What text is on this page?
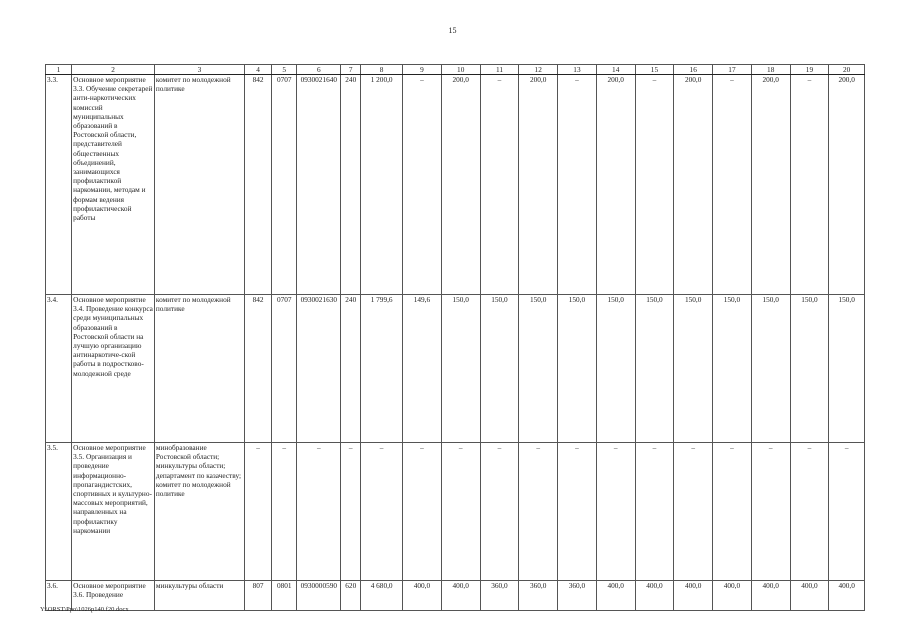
15
1	2	3	4	5	6	7	8	9	10	11	12	13	14	15	16	17	18	19	20
3.3.	Основное мероприятие 3.3. Обучение секретарей анти-наркотических комиссий муниципальных образований в Ростовской области, представителей общественных объединений, занимающихся профилактикой наркомании, методам и формам ведения профилактической работы	комитет по молодежной политике	842	0707	0930021640	240	1 200,0	–	200,0	–	200,0	–	200,0	–	200,0	–	200,0	–	200,0
3.4.	Основное мероприятие 3.4. Проведение конкурса среди муниципальных образований в Ростовской области на лучшую организацию антинаркотиче-ской работы в подростково-молодежной среде	комитет по молодежной политике	842	0707	0930021630	240	1 799,6	149,6	150,0	150,0	150,0	150,0	150,0	150,0	150,0	150,0	150,0	150,0	150,0
3.5.	Основное мероприятие 3.5. Организация и проведение информационно-пропагандистских, спортивных и культурно-массовых мероприятий, направленных на профилактику наркомании	минобразование Ростовской области; минкультуры области; департамент по казачеству; комитет по молодежной политике	–	–	–	–	–	–	–	–	–	–	–	–	–	–	–	–	–
3.6.	Основное мероприятие 3.6. Проведение	минкультуры области	807	0801	0930000590	620	4 680,0	400,0	400,0	360,0	360,0	360,0	400,0	400,0	400,0	400,0	400,0	400,0	400,0
Y:\ORST\Ppo\1026p140.f20.docx
